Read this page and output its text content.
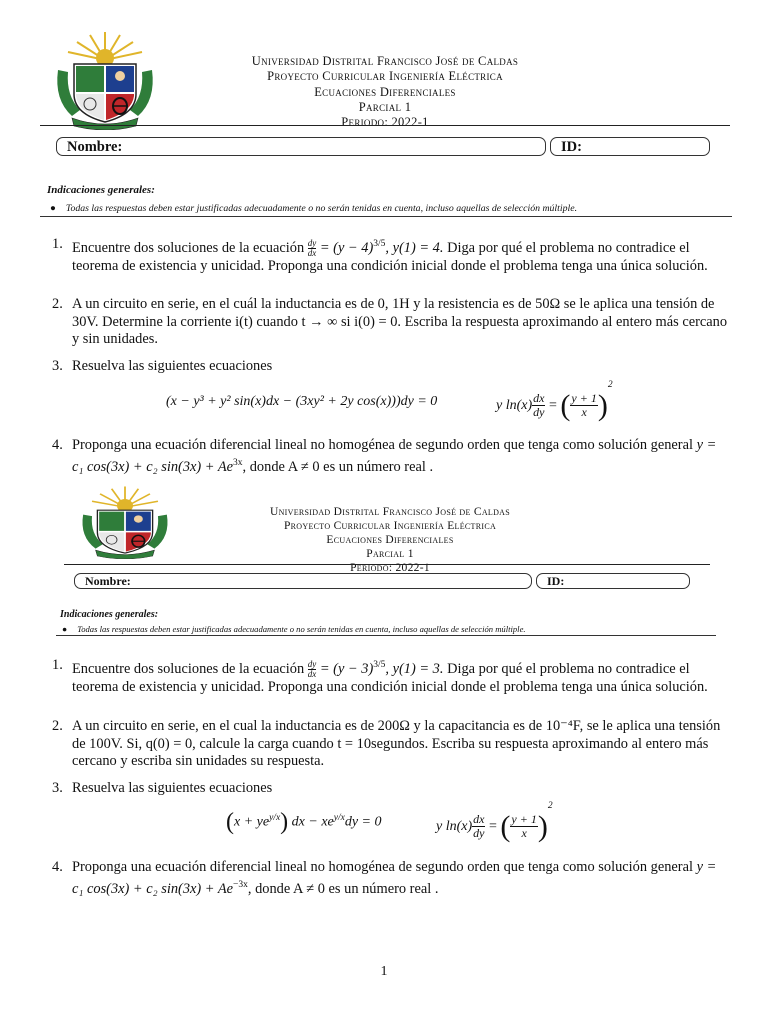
Universidad Distrital Francisco José de Caldas
Proyecto Curricular Ingeniería Eléctrica
Ecuaciones Diferenciales
Parcial 1
Periodo: 2022-1
Nombre:	ID:
Indicaciones generales:
● Todas las respuestas deben estar justificadas adecuadamente o no serán tenidas en cuenta, incluso aquellas de selección múltiple.
1. Encuentre dos soluciones de la ecuación $\frac{dy}{dx} = (y - 4)^{3/5}$, y(1) = 4. Diga por qué el problema no contradice el teorema de existencia y unicidad. Proponga una condición inicial donde el problema tenga una única solución.

2. A un circuito en serie, en el cuál la inductancia es de 0, 1H y la resistencia es de 50Ω se le aplica una tensión de 30V. Determine la corriente i(t) cuando t → ∞ si i(0) = 0. Escriba la respuesta aproximando al entero más cercano y sin unidades.

3. Resuelva las siguientes ecuaciones

(x − y³ + y² sin(x)dx − (3xy² + 2y cos(x)))dy = 0	y $\ln(x) \frac{dx}{dy}$ = ( $\frac{y + 1}{x} )^2$
4. Proponga una ecuación diferencial lineal no homogénea de segundo orden que tenga como solución general y = c₁ cos(3x) + c₂ $\sin(3x) + Ae^{3x}$, donde A ≠ 0 es un número real .

Universidad Distrital Francisco José de Caldas
Proyecto Curricular Ingeniería Eléctrica
Ecuaciones Diferenciales
Parcial 1
Periodo: 2022-1
Nombre:	ID:
Indicaciones generales:
● Todas las respuestas deben estar justificadas adecuadamente o no serán tenidas en cuenta, incluso aquellas de selección múltiple.
1. Encuentre dos soluciones de la ecuación $\frac{dy}{dx} = (y - 3)^{3/5}$, y(1) = 3. Diga por qué el problema no contradice el teorema de existencia y unicidad. Proponga una condición inicial donde el problema tenga una única solución.

2. A un circuito en serie, en el cual la inductancia es de 200Ω y la capacitancia es de 10⁻⁴F, se le aplica una tensión de 100V. Si, q(0) = 0, calcule la carga cuando t = 10segundos. Escriba su respuesta aproximando al entero más cercano y escriba sin unidades su respuesta.

3. Resuelva las siguientes ecuaciones

$(x + ye^{y/x})$ dx − $xe^{y/x}dy = 0$	y $\ln(x) \frac{dx}{dy}$ = ( $\frac{y + 1}{x} )^2$
4. Proponga una ecuación diferencial lineal no homogénea de segundo orden que tenga como solución general y = c₁ cos(3x) + c₂ $\sin(3x) + Ae^{-3x}$, donde A ≠ 0 es un número real .

1
